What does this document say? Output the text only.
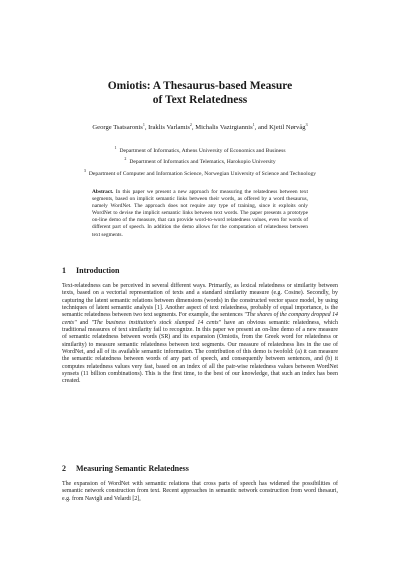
Omiotis: A Thesaurus-based Measure
of Text Relatedness
George Tsatsaronis$^1$, Iraklis Varlamis$^2$, Michalis Vazirgiannis$^1$, and Kjetil Nørvåg$^3$
$^1$Department of Informatics, Athens University of Economics and Business
$^2$Department of Informatics and Telematics, Harokopio University
$^3$Department of Computer and Information Science, Norwegian University of Science and Technology
Abstract. In this paper we present a new approach for measuring the relatedness between text segments, based on implicit semantic links between their words, as offered by a word thesaurus, namely WordNet. The approach does not require any type of training, since it exploits only WordNet to devise the implicit semantic links between text words. The paper presents a prototype on-line demo of the measure, that can provide word-to-word relatedness values, even for words of different part of speech. In addition the demo allows for the computation of relatedness between text segments.
1 Introduction
Text-relatedness can be perceived in several different ways. Primarily, as lexical relatedness or similarity between texts, based on a vectorial representation of texts and a standard similarity measure (e.g. Cosine). Secondly, by capturing the latent semantic relations between dimensions (words) in the constructed vector space model, by using techniques of latent semantic analysis [1]. Another aspect of text relatedness, probably of equal importance, is the semantic relatedness between two text segments. For example, the sentences "The shares of the company dropped 14 cents" and "The business institution's stock slumped 14 cents" have an obvious semantic relatedness, which traditional measures of text similarity fail to recognize. In this paper we present an on-line demo of a new measure of semantic relatedness between words (SR) and its expansion (Omiotis, from the Greek word for relatedness or similarity) to measure semantic relatedness between text segments. Our measure of relatedness lies in the use of WordNet, and all of its available semantic information. The contribution of this demo is twofold: (a) it can measure the semantic relatedness between words of any part of speech, and consequently between sentences, and (b) it computes relatedness values very fast, based on an index of all the pair-wise relatedness values between WordNet synsets (11 billion combinations). This is the first time, to the best of our knowledge, that such an index has been created.
2 Measuring Semantic Relatedness
The expansion of WordNet with semantic relations that cross parts of speech has widened the possibilities of semantic network construction from text. Recent approaches in semantic network construction from word thesauri, e.g. from Navigli and Velardi [2],
